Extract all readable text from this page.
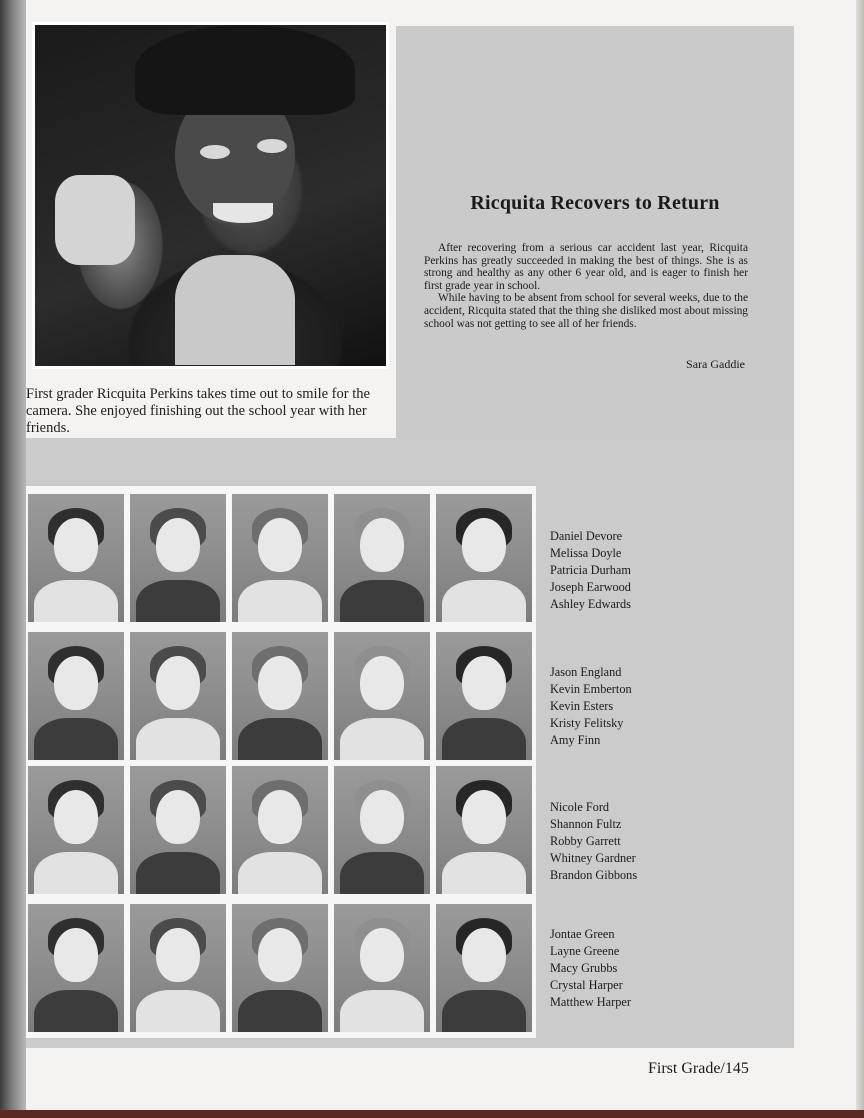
First grader Ricquita Perkins takes time out to smile for the camera. She enjoyed finishing out the school year with her friends.
Ricquita Recovers to Return

After recovering from a serious car accident last year, Ricquita Perkins has greatly succeeded in making the best of things. She is as strong and healthy as any other 6 year old, and is eager to finish her first grade year in school.

While having to be absent from school for several weeks, due to the accident, Ricquita stated that the thing she disliked most about missing school was not getting to see all of her friends.

Sara Gaddie
Daniel Devore
Melissa Doyle
Patricia Durham
Joseph Earwood
Ashley Edwards
Jason England
Kevin Emberton
Kevin Esters
Kristy Felitsky
Amy Finn
Nicole Ford
Shannon Fultz
Robby Garrett
Whitney Gardner
Brandon Gibbons
Jontae Green
Layne Greene
Macy Grubbs
Crystal Harper
Matthew Harper
First Grade/145
